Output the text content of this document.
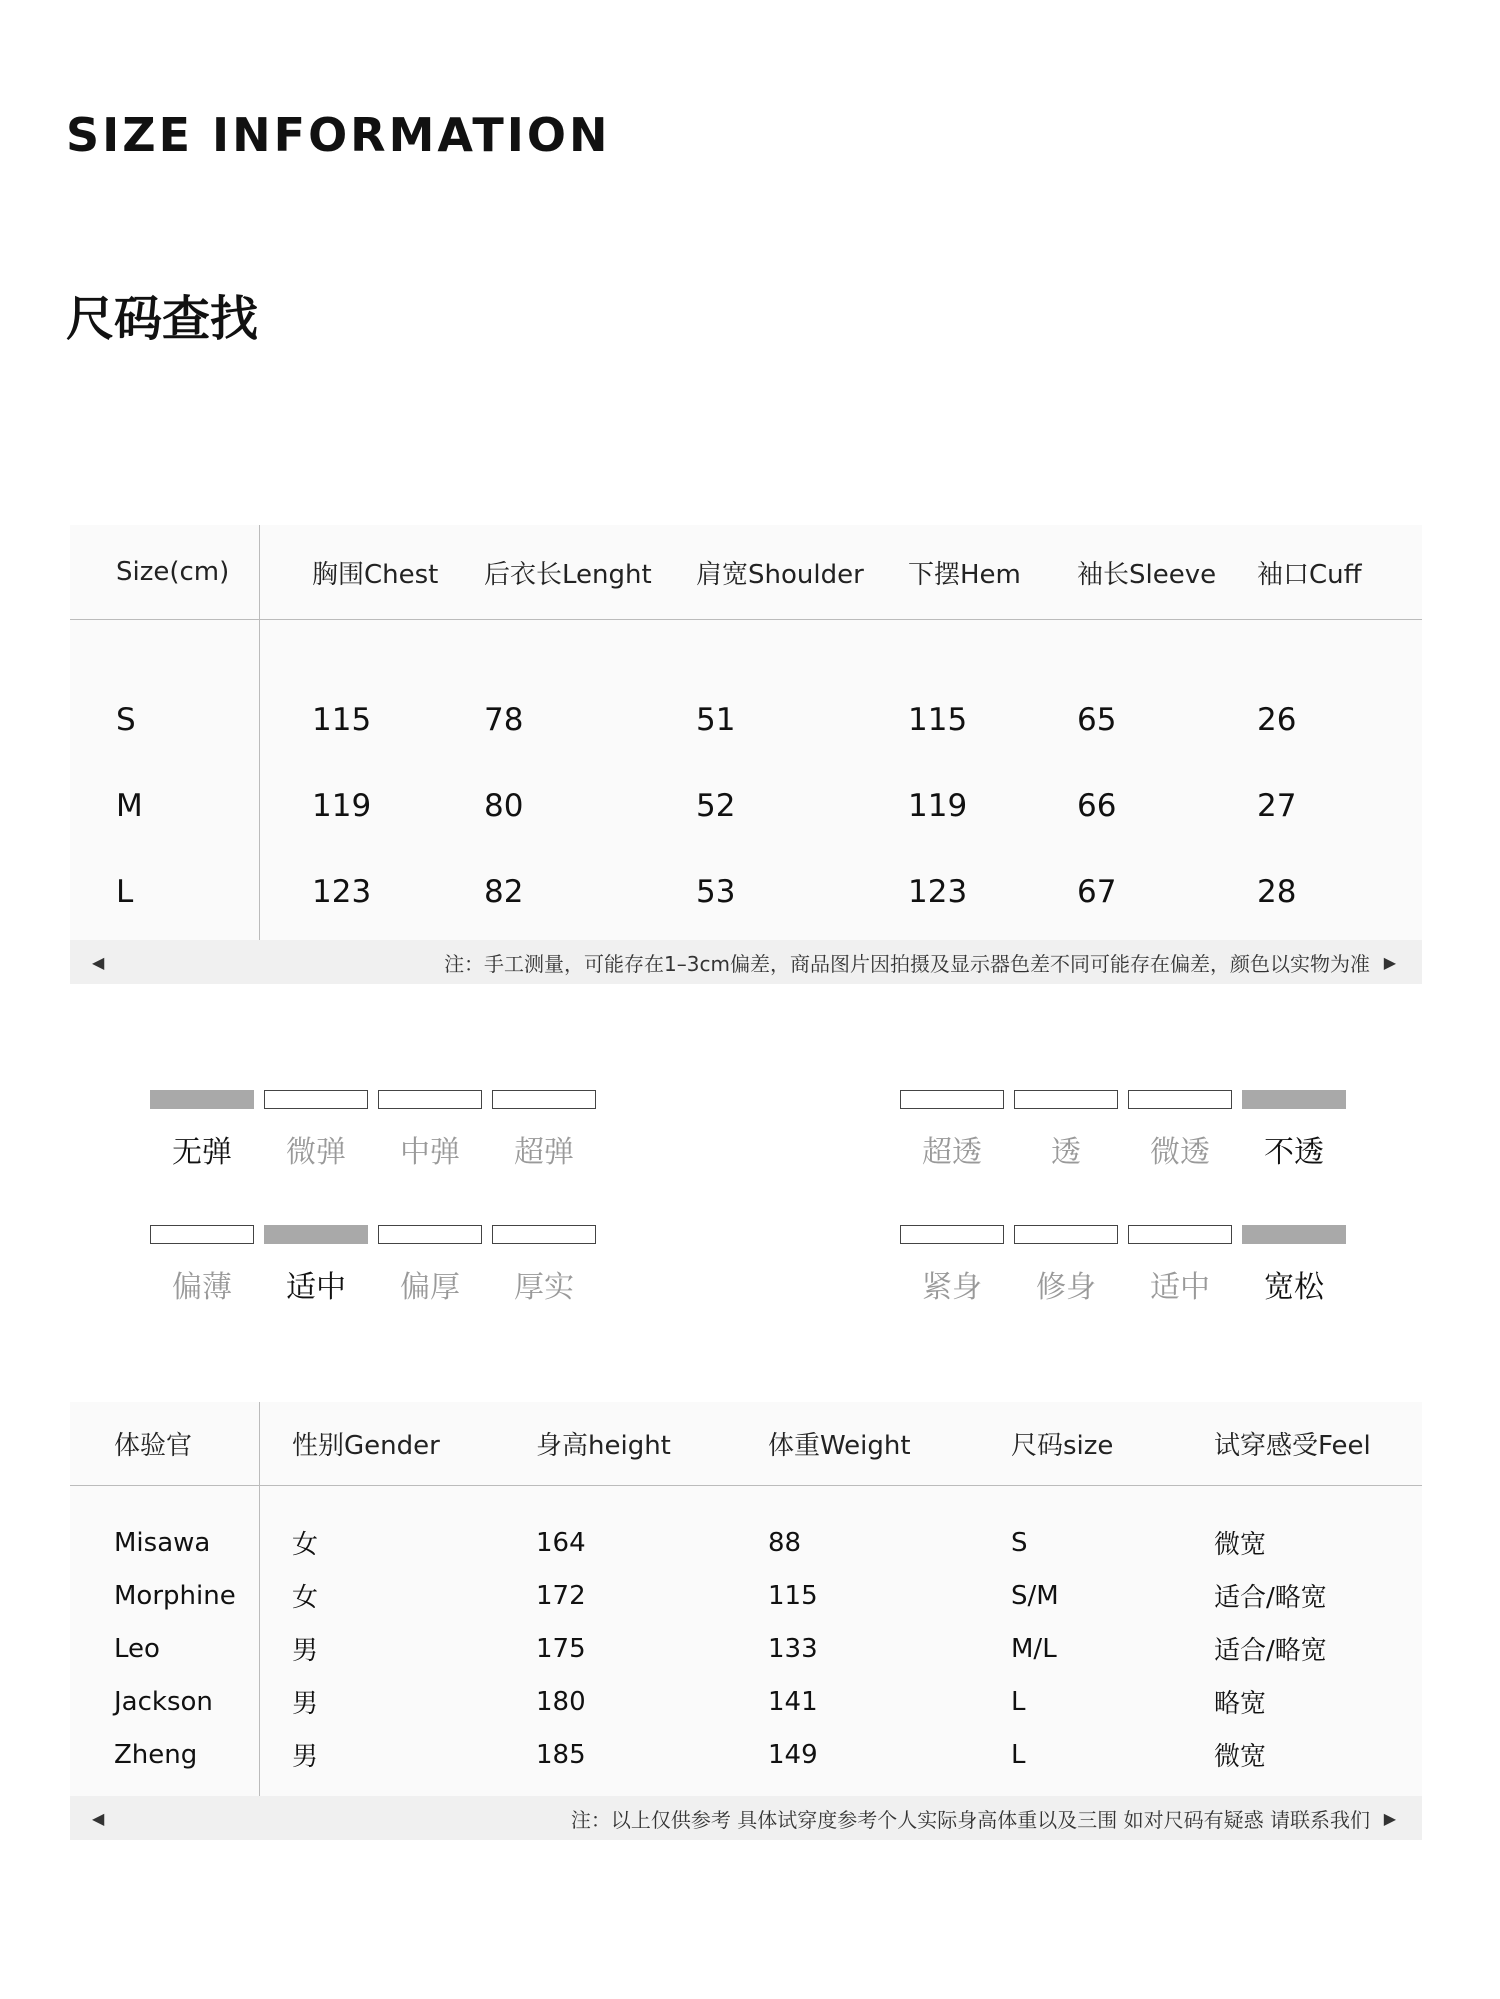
SIZE INFORMATION
尺码查找
Size(cm)	胸围Chest	后衣长Lenght	肩宽Shoulder	下摆Hem	袖长Sleeve	袖口Cuff
S	115	78	51	115	65	26
M	119	80	52	119	66	27
L	123	82	53	123	67	28
◀	注：手工测量，可能存在1–3cm偏差，商品图片因拍摄及显示器色差不同可能存在偏差，颜色以实物为准 ▶
无弹 微弹 中弹 超弹	超透 透 微透 不透
偏薄 适中 偏厚 厚实	紧身 修身 适中 宽松
体验官	性别Gender	身高height	体重Weight	尺码size	试穿感受Feel
Misawa	女	164	88	S	微宽
Morphine	女	172	115	S/M	适合/略宽
Leo	男	175	133	M/L	适合/略宽
Jackson	男	180	141	L	略宽
Zheng	男	185	149	L	微宽
◀	注：以上仅供参考 具体试穿度参考个人实际身高体重以及三围 如对尺码有疑惑 请联系我们 ▶
